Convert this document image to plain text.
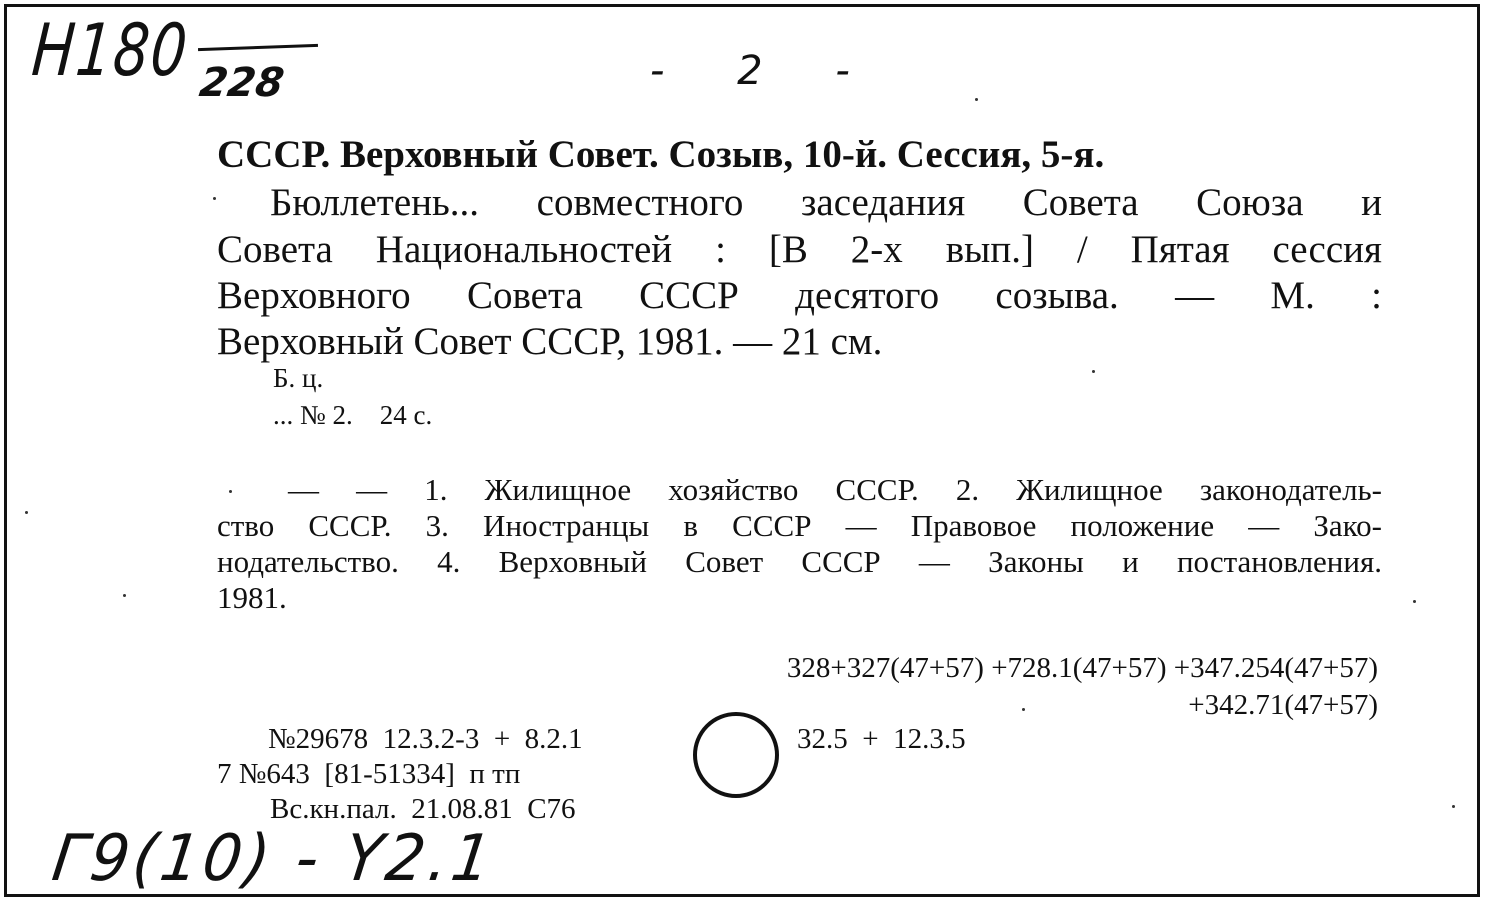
H180 228	- 2 -
СССР. Верховный Совет. Созыв, 10-й. Сессия, 5-я.
Бюллетень... совместного заседания Совета Союза и
Совета Национальностей : [В 2-х вып.] / Пятая сессия
Верховного Совета СССР десятого созыва. — М. :
Верховный Совет СССР, 1981. — 21 см.
Б. ц.
... № 2.    24 с.
— — 1. Жилищное хозяйство СССР. 2. Жилищное законодатель-
ство СССР. 3. Иностранцы в СССР — Правовое положение — Зако-
нодательство. 4. Верховный Совет СССР — Законы и постановления.
1981.
328+327(47+57) +728.1(47+57) +347.254(47+57)
+342.71(47+57)
№29678  12.3.2-3  +  8.2.1	32.5  +  12.3.5
7 №643  [81-51334]  п тп
Вс.кн.пал.  21.08.81  С76
Г9(10) - Y2.1
